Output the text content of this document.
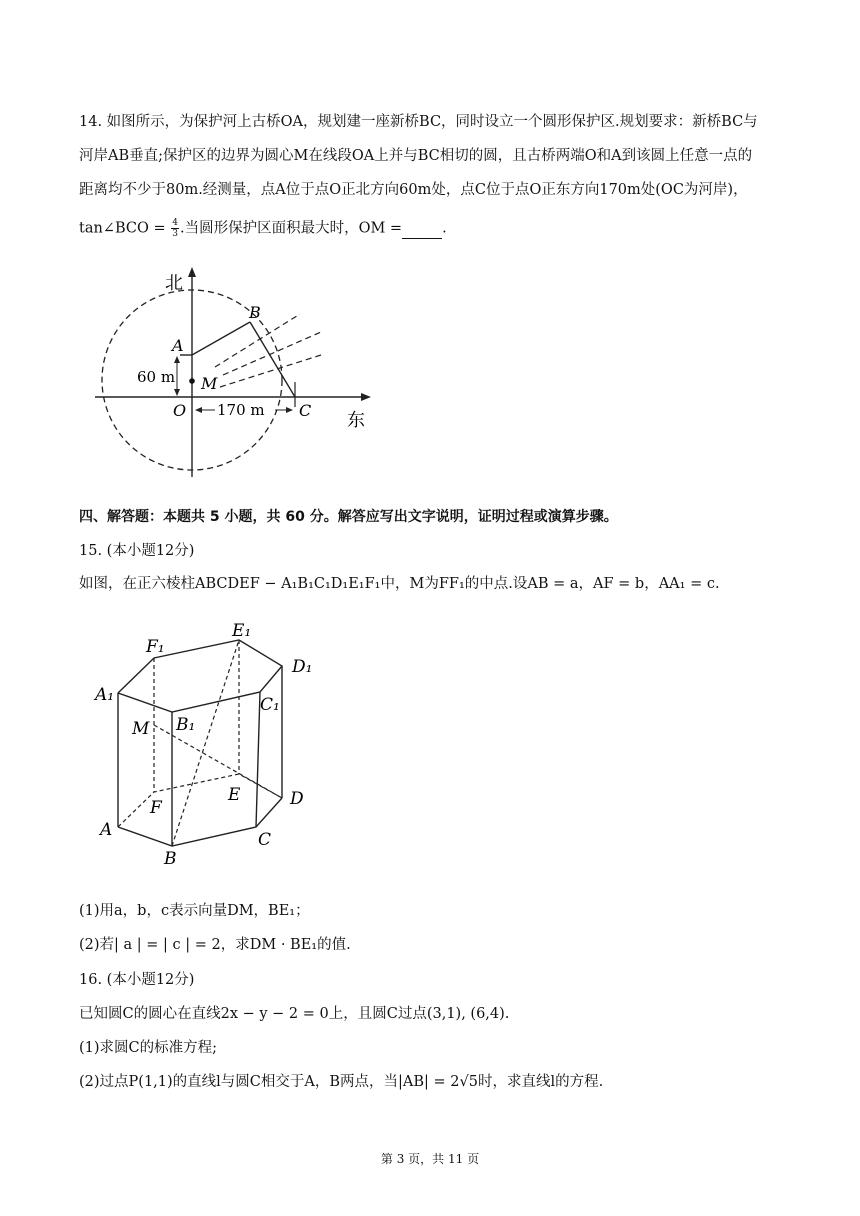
14. 如图所示，为保护河上古桥OA，规划建一座新桥BC，同时设立一个圆形保护区.规划要求：新桥BC与
河岸AB垂直;保护区的边界为圆心M在线段OA上并与BC相切的圆，且古桥两端O和A到该圆上任意一点的
距离均不少于80m.经测量，点A位于点O正北方向60m处，点C位于点O正东方向170m处(OC为河岸)，
tan∠BCO = $\frac{4}{3}$ .当圆形保护区面积最大时，OM =	.
北
东
A
B
C
M
O
60 m
170 m
四、解答题：本题共 5 小题，共 60 分。解答应写出文字说明，证明过程或演算步骤。
15. (本小题12分)
如图，在正六棱柱ABCDEF − A₁B₁C₁D₁E₁F₁中，M为FF₁的中点.设AB = a，AF = b，AA₁ = c.
A₁
F₁
E₁
D₁
C₁
B₁
M
F
E	D
C
A
B
(1)用a，b，c表示向量DM，BE₁；
(2)若| a | = | c | = 2，求DM · BE₁的值.
16. (本小题12分)
已知圆C的圆心在直线2x − y − 2 = 0上，且圆C过点(3,1), (6,4).
(1)求圆C的标准方程;
(2)过点P(1,1)的直线l与圆C相交于A，B两点，当|AB| = 2√5时，求直线l的方程.
第 3 页，共 11 页
